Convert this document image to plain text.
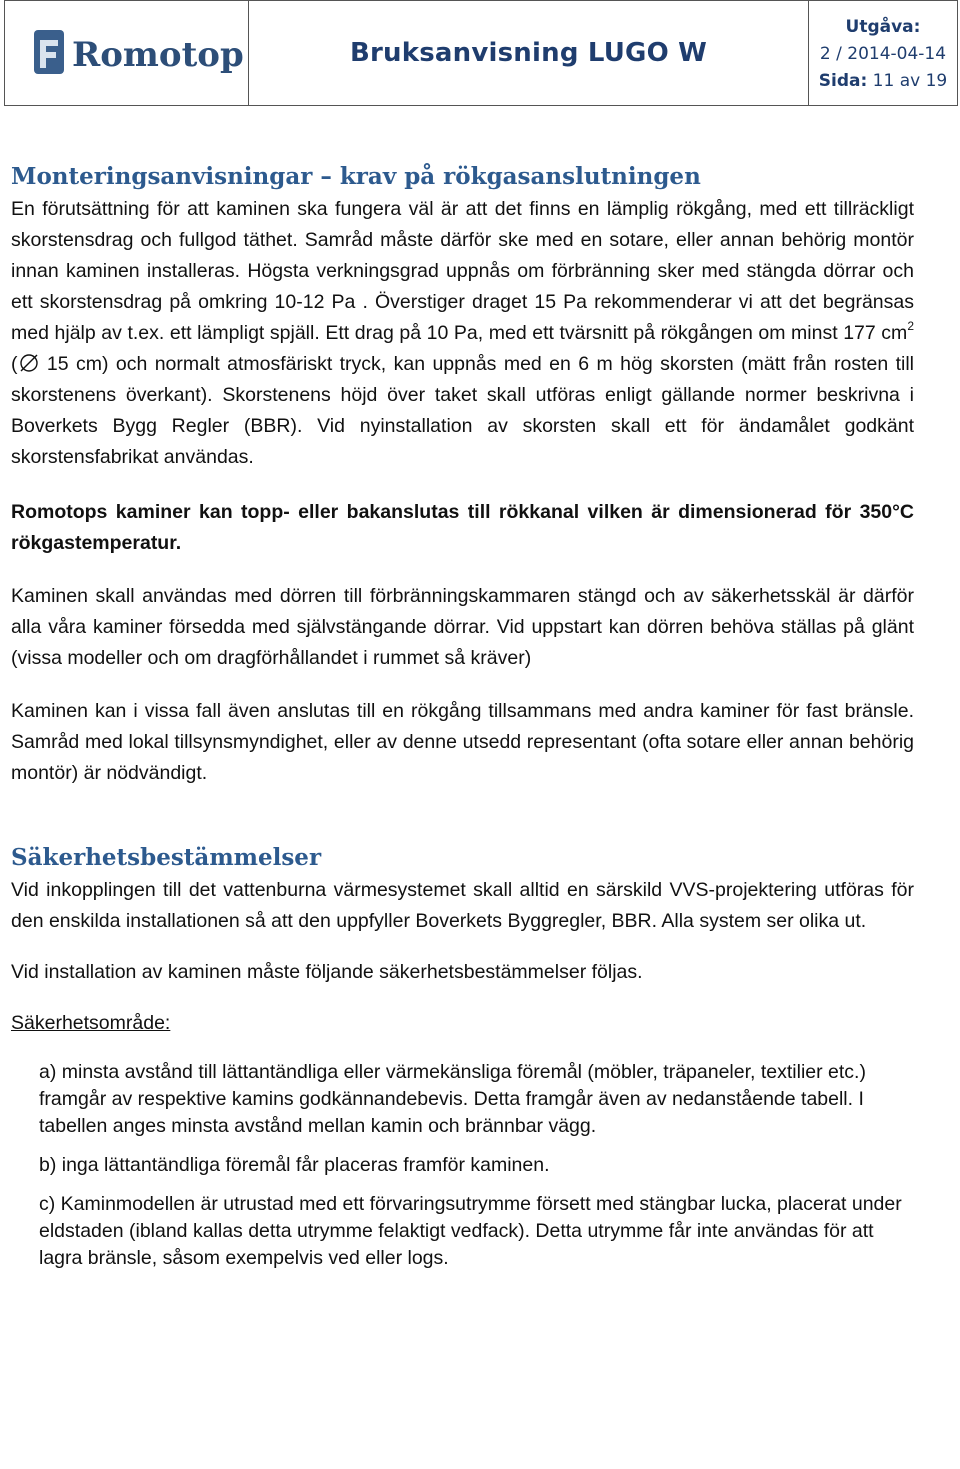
Romotop	Bruksanvisning LUGO W
Utgåva:
2 / 2014-04-14
Sida: 11 av 19
Monteringsanvisningar – krav på rökgasanslutningen

En förutsättning för att kaminen ska fungera väl är att det finns en lämplig rökgång, med ett tillräckligt skorstensdrag och fullgod täthet. Samråd måste därför ske med en sotare, eller annan behörig montör innan kaminen installeras. Högsta verkningsgrad uppnås om förbränning sker med stängda dörrar och ett skorstensdrag på omkring 10-12 Pa . Överstiger draget 15 Pa rekommenderar vi att det begränsas med hjälp av t.ex. ett lämpligt spjäll. Ett drag på 10 Pa, med ett tvärsnitt på rökgången om minst 177 $cm^2$ ( 15 cm) och normalt atmosfäriskt tryck, kan uppnås med en 6 m hög skorsten (mätt från rosten till skorstenens överkant). Skorstenens höjd över taket skall utföras enligt gällande normer beskrivna i Boverkets Bygg Regler (BBR). Vid nyinstallation av skorsten skall ett för ändamålet godkänt skorstensfabrikat användas.

Romotops kaminer kan topp- eller bakanslutas till rökkanal vilken är dimensionerad för 350°C rökgastemperatur.

Kaminen skall användas med dörren till förbränningskammaren stängd och av säkerhetsskäl är därför alla våra kaminer försedda med självstängande dörrar. Vid uppstart kan dörren behöva ställas på glänt (vissa modeller och om dragförhållandet i rummet så kräver)

Kaminen kan i vissa fall även anslutas till en rökgång tillsammans med andra kaminer för fast bränsle. Samråd med lokal tillsynsmyndighet, eller av denne utsedd representant (ofta sotare eller annan behörig montör) är nödvändigt.

Säkerhetsbestämmelser

Vid inkopplingen till det vattenburna värmesystemet skall alltid en särskild VVS-projektering utföras för den enskilda installationen så att den uppfyller Boverkets Byggregler, BBR. Alla system ser olika ut.

Vid installation av kaminen måste följande säkerhetsbestämmelser följas.

Säkerhetsområde:

a) minsta avstånd till lättantändliga eller värmekänsliga föremål (möbler, träpaneler, textilier etc.) framgår av respektive kamins godkännandebevis. Detta framgår även av nedanstående tabell. I tabellen anges minsta avstånd mellan kamin och brännbar vägg.

b) inga lättantändliga föremål får placeras framför kaminen.

c) Kaminmodellen är utrustad med ett förvaringsutrymme försett med stängbar lucka, placerat under eldstaden (ibland kallas detta utrymme felaktigt vedfack). Detta utrymme får inte användas för att lagra bränsle, såsom exempelvis ved eller logs.
